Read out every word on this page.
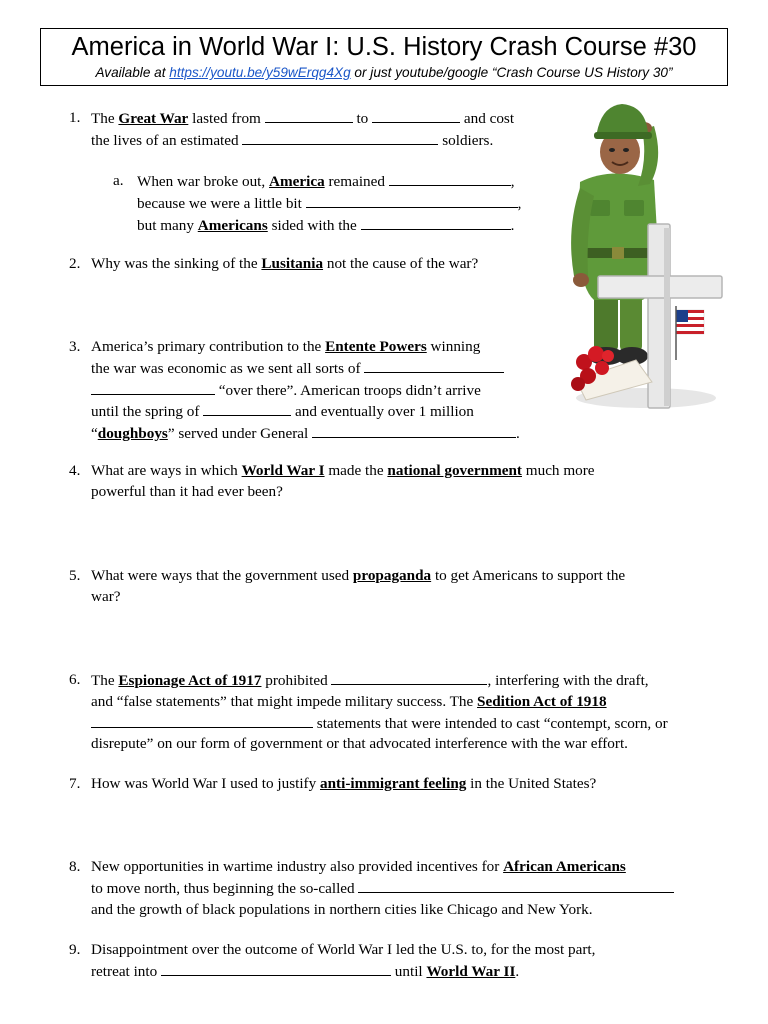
America in World War I: U.S. History Crash Course #30
Available at https://youtu.be/y59wErqg4Xg or just youtube/google “Crash Course US History 30”
1. The Great War lasted from	to	and cost
the lives of an estimated	soldiers.
a. When war broke out, America remained	,
because we were a little bit	,
but many Americans sided with the	.
2. Why was the sinking of the Lusitania not the cause of the war?
3. America’s primary contribution to the Entente Powers winning
the war was economic as we sent all sorts of
“over there”. American troops didn’t arrive
until the spring of	and eventually over 1 million
“doughboys” served under General	.
4. What are ways in which World War I made the national government much more
powerful than it had ever been?
5. What were ways that the government used propaganda to get Americans to support the
war?
6. The Espionage Act of 1917 prohibited	, interfering with the draft,
and “false statements” that might impede military success. The Sedition Act of 1918
statements that were intended to cast “contempt, scorn, or
disrepute” on our form of government or that advocated interference with the war effort.
7. How was World War I used to justify anti-immigrant feeling in the United States?
8. New opportunities in wartime industry also provided incentives for African Americans
to move north, thus beginning the so-called
and the growth of black populations in northern cities like Chicago and New York.
9. Disappointment over the outcome of World War I led the U.S. to, for the most part,
retreat into	until World War II.
